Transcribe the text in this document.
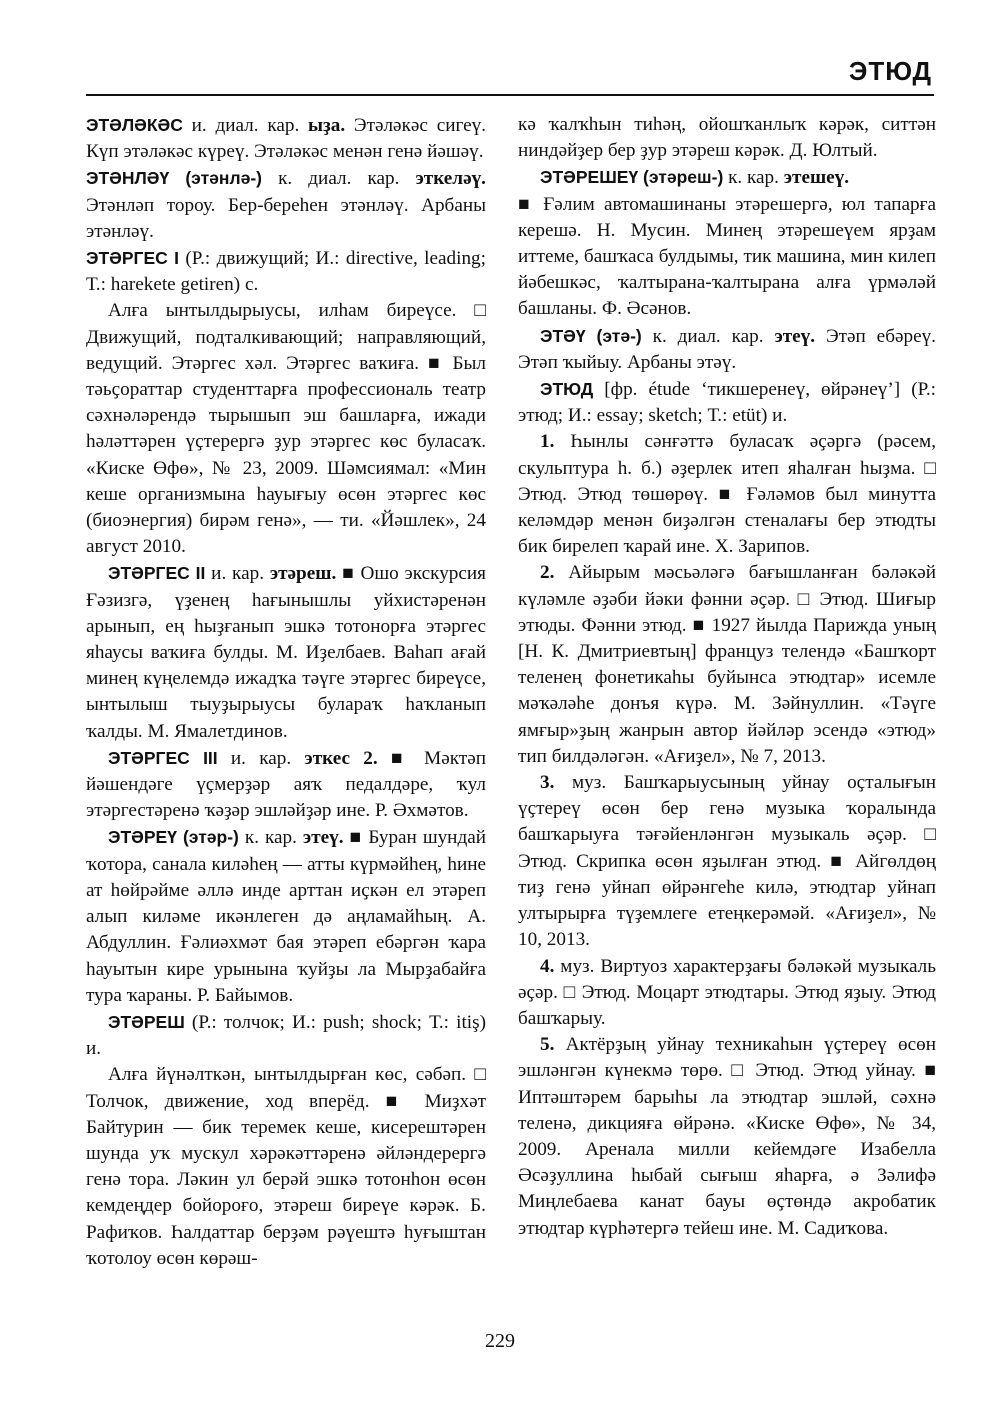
ЭТЮД

ЭТӘЛӘКӘС и. диал. кар. ыҙа. Этәләкәс сигеү. Күп этәләкәс күреү. Этәләкәс менән генә йәшәү.

ЭТӘНЛӘҮ (этәнлә-) к. диал. кар. эткеләү. Этәнләп тороу. Бер-береһен этәнләү. Арбаны этәнләү.

ЭТӘРГЕС I (Р.: движущий; И.: directive, leading; Т.: harekete getiren) с.

Алға ынтылдырыусы, илһам биреүсе. □ Движущий, подталкивающий; направляющий, ведущий. Этәргес хәл. Этәргес ваҡиға. ■ Был тәьҫораттар студенттарға профессиональ театр сәхнәләрендә тырышып эш башларға, ижади һәләттәрен үҫтерергә ҙур этәргес көс буласаҡ. «Киске Өфө», № 23, 2009. Шәмсиямал: «Мин кеше организмына һауығыу өсөн этәргес көс (биоэнергия) бирәм генә», — ти. «Йәшлек», 24 август 2010.

ЭТӘРГЕС II и. кар. этәреш. ■ Ошо экскурсия Ғәзизгә, үҙенең һағынышлы уйхистәренән арынып, ең һыҙғанып эшкә тотонорға этәргес яһаусы ваҡиға булды. М. Иҙелбаев. Ваһап ағай минең күңелемдә ижадҡа тәүге этәргес биреүсе, ынтылыш тыуҙырыусы булараҡ һаҡланып ҡалды. М. Ямалетдинов.

ЭТӘРГЕС III и. кар. эткес 2. ■ Мәктәп йәшендәге үҫмерҙәр аяҡ педалдәре, ҡул этәргестәренә ҡәҙәр эшләйҙәр ине. Р. Әхмәтов.

ЭТӘРЕҮ (этәр-) к. кар. этеү. ■ Буран шундай ҡотора, санала киләһең — атты күрмәйһең, һине ат һөйрәйме әллә инде арттан иҫкән ел этәреп алып киләме икәнлеген дә аңламайһың. А. Абдуллин. Ғәлиәхмәт бая этәреп ебәргән ҡара һауытын кире урынына ҡуйҙы ла Мырҙабайға тура ҡараны. Р. Байымов.

ЭТӘРЕШ (Р.: толчок; И.: push; shock; Т.: itiş) и.

Алға йүнәлткән, ынтылдырған көс, сәбәп. □ Толчок, движение, ход вперёд. ■ Миҙхәт Байтурин — бик теремек кеше, кисерештәрен шунда уҡ мускул хәрәкәттәренә әйләндерергә генә тора. Ләкин ул берәй эшкә тотонһон өсөн кемдеңдер бойороғо, этәреш биреүе кәрәк. Б. Рафиҡов. Һалдаттар берҙәм рәүештә һуғыштан ҡотолоу өсөн көрәш-

кә ҡалҡһын тиһәң, ойошҡанлыҡ кәрәк, ситтән ниндәйҙер бер ҙур этәреш кәрәк. Д. Юлтый.

ЭТӘРЕШЕҮ (этәреш-) к. кар. этешеү.

■ Ғәлим автомашинаны этәрешергә, юл тапарға керешә. Н. Мусин. Минең этәрешеүем ярҙам иттеме, башҡаса булдымы, тик машина, мин килеп йәбешкәс, ҡалтырана-ҡалтырана алға үрмәләй башланы. Ф. Әсәнов.

ЭТӘҮ (этә-) к. диал. кар. этеү. Этәп ебәреү. Этәп ҡыйыу. Арбаны этәү.

ЭТЮД [фр. étude ‘тикшеренеү, өйрәнеү’] (Р.: этюд; И.: essay; sketch; Т.: etüt) и.

1. Һынлы сәнғәттә буласаҡ әҫәргә (рәсем, скульптура һ. б.) әҙерлек итеп яһалған һыҙма. □ Этюд. Этюд төшөрөү. ■ Ғәләмов был минутта келәмдәр менән биҙәлгән стеналағы бер этюдты бик бирелеп ҡарай ине. Х. Зарипов.

2. Айырым мәсьәләгә бағышланған бәләкәй күләмле әҙәби йәки фәнни әҫәр. □ Этюд. Шиғыр этюды. Фәнни этюд. ■ 1927 йылда Парижда уның [Н. К. Дмитриевтың] француз телендә «Башҡорт теленең фонетикаһы буйынса этюдтар» исемле мәҡәләһе донъя күрә. М. Зәйнуллин. «Тәүге ямғыр»ҙың жанрын автор йәйләр эсендә «этюд» тип билдәләгән. «Ағиҙел», № 7, 2013.

3. муз. Башҡарыусының уйнау оҫталығын үҫтереү өсөн бер генә музыка ҡоралында башҡарыуға тәғәйенләнгән музыкаль әҫәр. □ Этюд. Скрипка өсөн яҙылған этюд. ■ Айгөлдөң тиҙ генә уйнап өйрәнгеһе килә, этюдтар уйнап ултырырға түҙемлеге етеңкерәмәй. «Ағиҙел», № 10, 2013.

4. муз. Виртуоз характерҙағы бәләкәй музыкаль әҫәр. □ Этюд. Моцарт этюдтары. Этюд яҙыу. Этюд башҡарыу.

5. Актёрҙың уйнау техникаһын үҫтереү өсөн эшләнгән күнекмә төрө. □ Этюд. Этюд уйнау. ■ Иптәштәрем барыһы ла этюдтар эшләй, сәхнә теленә, дикцияға өйрәнә. «Киске Өфө», № 34, 2009. Аренала милли кейемдәге Изабелла Әсәҙуллина һыбай сығыш яһарға, ә Зәлифә Миңлебаева канат бауы өҫтөндә акробатик этюдтар күрһәтергә тейеш ине. М. Садиҡова.

229
